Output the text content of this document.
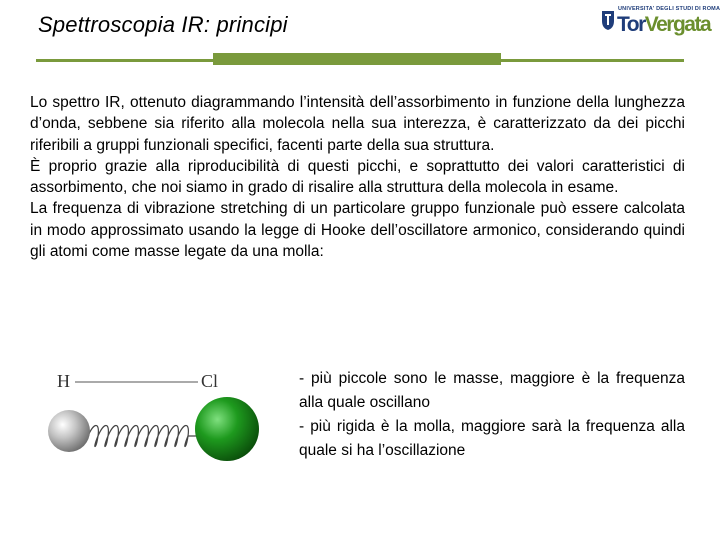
Spettroscopia IR: principi
UNIVERSITA' DEGLI STUDI DI ROMA
TorVergata

Lo spettro IR, ottenuto diagrammando l’intensità dell’assorbimento in funzione della lunghezza d’onda, sebbene sia riferito alla molecola nella sua interezza, è caratterizzato da dei picchi riferibili a gruppi funzionali specifici, facenti parte della sua struttura.

È proprio grazie alla riproducibilità di questi picchi, e soprattutto dei valori caratteristici di assorbimento, che noi siamo in grado di risalire alla struttura della molecola in esame.

La frequenza di vibrazione stretching di un particolare gruppo funzionale può essere calcolata in modo approssimato usando la legge di Hooke dell’oscillatore armonico, considerando quindi gli atomi come masse legate da una molla:

H	Cl	- più piccole sono le masse, maggiore è la frequenza alla quale oscillano

- più rigida è la molla, maggiore sarà la frequenza alla quale si ha l’oscillazione
